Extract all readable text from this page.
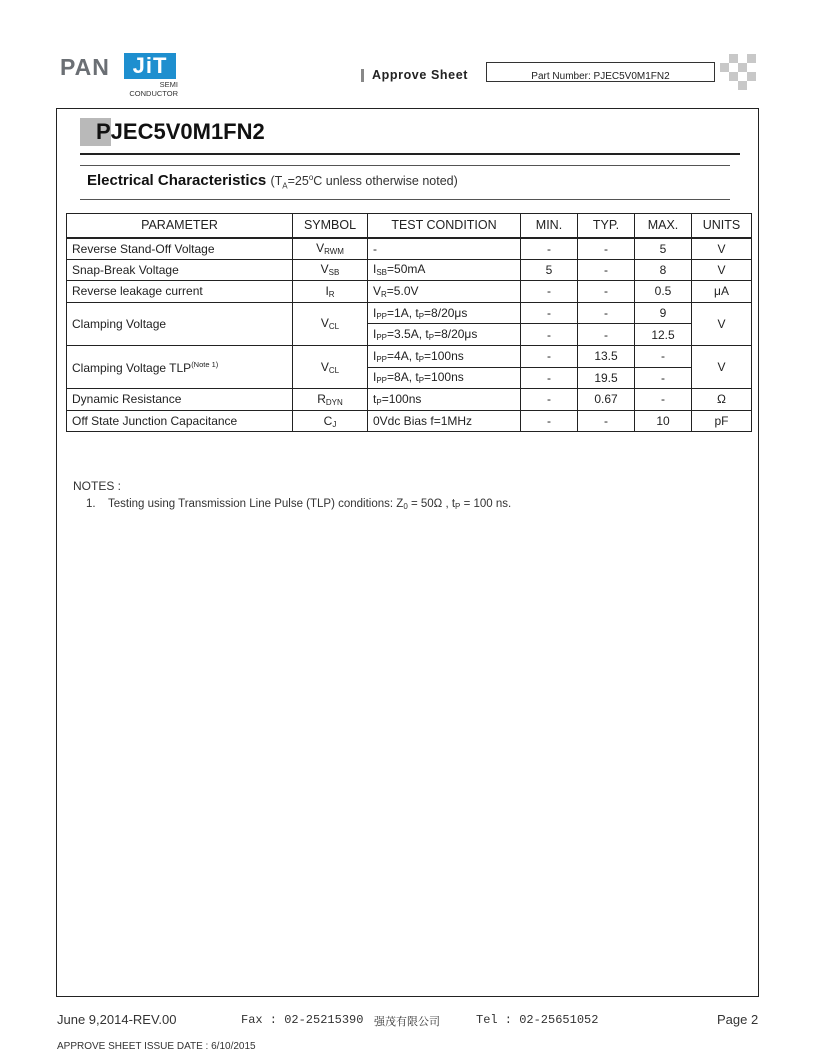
PAN	JiT
SEMI
CONDUCTOR
Approve Sheet	Part Number: PJEC5V0M1FN2
PJEC5V0M1FN2
Electrical Characteristics ($T_A=25^oC$ unless otherwise noted)
PARAMETER	SYMBOL	TEST CONDITION	MIN.	TYP.	MAX.	UNITS
Reverse Stand-Off Voltage	$V_{RWM}$	-	-	-	5	V
Snap-Break Voltage	$V_{SB}$	$I_{SB}=50mA$	5	-	8	V
Reverse leakage current	$I_R$	$V_R=5.0V$	-	-	0.5	μA
Clamping Voltage	$V_{CL}$	$I_{PP}=1A$, $t_P=8/20\mu s$	-	-	9	V
		$I_{PP}=3.5A$, $t_P=8/20\mu s$	-	-	12.5	
Clamping Voltage $TLP^{(Note 1)}$	$V_{CL}$	$I_{PP}=4A$, $t_P=100ns$	-	13.5	-	V
		$I_{PP}=8A$, $t_P=100ns$	-	19.5	-	
Dynamic Resistance	$R_{DYN}$	$t_P=100ns$	-	0.67	-	Ω
Off State Junction Capacitance	$C_J$	0Vdc Bias f=1MHz	-	-	10	pF
NOTES :
1. Testing using Transmission Line Pulse (TLP) conditions: $Z_0 = 50\Omega$ , $t_P = 100$ ns.
June 9,2014-REV.00	Fax : 02-25215390 强茂有限公司	Tel : 02-25651052	Page 2
APPROVE SHEET ISSUE DATE : 6/10/2015
